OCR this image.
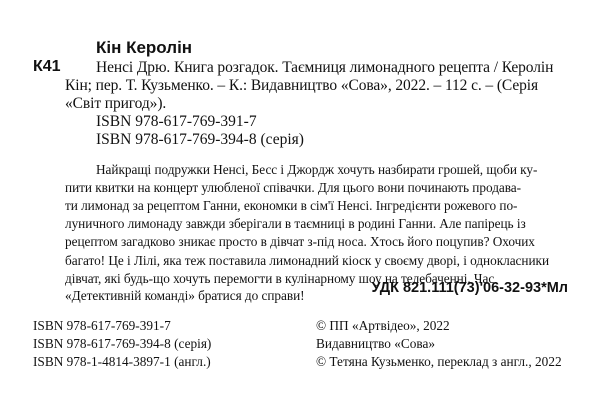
Кін Керолін

К41 Ненсі Дрю. Книга розгадок. Таємниця лимонадного рецепта / Керолін

Кін; пер. Т. Кузьменко. – К.: Видавництво «Сова», 2022. – 112 с. – (Серія

«Світ пригод»).

ISBN 978-617-769-391-7

ISBN 978-617-769-394-8 (серія)

Найкращі подружки Ненсі, Бесс і Джордж хочуть назбирати грошей, щоби ку-

пити квитки на концерт улюбленої співачки. Для цього вони починають продава-

ти лимонад за рецептом Ганни, економки в сім'ї Ненсі. Інгредієнти рожевого по-

луничного лимонаду завжди зберігали в таємниці в родині Ганни. Але папірець із

рецептом загадково зникає просто в дівчат з-під носа. Хтось його поцупив? Охочих

багато! Це і Лілі, яка теж поставила лимонадний кіоск у своєму дворі, і однокласники дівчат, які будь-що хочуть перемогти в кулінарному шоу на телебаченні. Час

«Детективній команді» братися до справи!	УДК 821.111(73)'06-32-93*Мл

ISBN 978-617-769-391-7

ISBN 978-617-769-394-8 (серія)

ISBN 978-1-4814-3897-1 (англ.)

© ПП «Артвідео», 2022

Видавництво «Сова»

© Тетяна Кузьменко, переклад з англ., 2022
